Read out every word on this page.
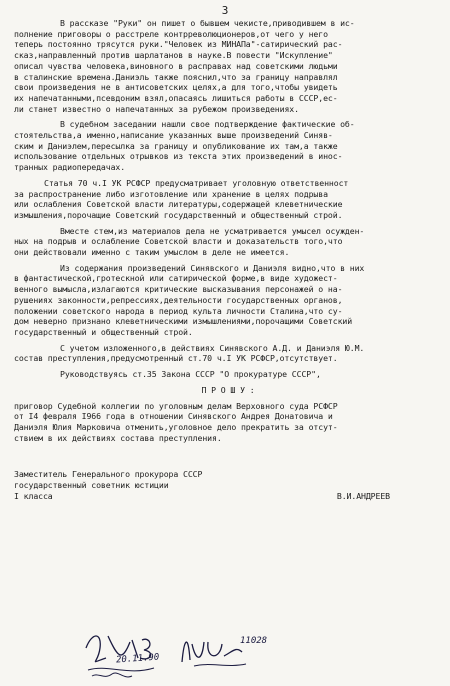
3
В рассказе "Руки" он пишет о бывшем чекисте,приводившем в ис-
полнение приговоры о расстреле контрреволюционеров,от чего у него
теперь постоянно трясутся руки."Человек из МИНАПа"-сатирический рас-
сказ,направленный против шарлатанов в науке.В повести "Искупление"
описал чувства человека,виновного в расправах над советскими людьми
в сталинские времена.Даниэль также пояснил,что за границу направлял
свои произведения не в антисоветских целях,а для того,чтобы увидеть
их напечатанными,псевдоним взял,опасаясь лишиться работы в СССР,ес-
ли станет известно о напечатанных за рубежом произведениях.
В судебном заседании нашли свое подтверждение фактические об-
стоятельства,а именно,написание указанных выше произведений Синяв-
ским и Даниэлем,пересылка за границу и опубликование их там,а также
использование отдельных отрывков из текста этих произведений в инос-
транных радиопередачах.
Статья 70 ч.I УК РСФСР предусматривает уголовную ответственност
за распространение либо изготовление или хранение в целях подрыва
или ослабления Советской власти литературы,содержащей клеветнические
измышления,порочащие Советский государственный и общественный строй.
Вместе стем,из материалов дела не усматривается умысел осужден-
ных на подрыв и ослабление Советской власти и доказательств того,что
они действовали именно с таким умыслом в деле не имеется.
Из содержания произведений Синявского и Даниэля видно,что в них
в фантастической,гротескной или сатирической форме,в виде художест-
венного вымысла,излагаются критические высказывания персонажей о на-
рушениях законности,репрессиях,деятельности государственных органов,
положении советского народа в период культа личности Сталина,что су-
дом неверно признано клеветническими измышлениями,порочащими Советский
государственный и общественный строй.
С учетом изложенного,в действиях Синявского А.Д. и Даниэля Ю.М.
состав преступления,предусмотренный ст.70 ч.I УК РСФСР,отсутствует.
Руководствуясь ст.35 Закона СССР "О прокуратуре СССР",
П Р О Ш У :
приговор Судебной коллегии по уголовным делам Верховного суда РСФСР
от I4 февраля I966 года в отношении Синявского Андрея Донатовича и
Даниэля Юлия Марковича отменить,уголовное дело прекратить за отсут-
ствием в их действиях состава преступления.
Заместитель Генерального прокурора СССР
государственный советник юстиции
I класса	В.И.АНДРЕЕВ
20.11.90
11028
